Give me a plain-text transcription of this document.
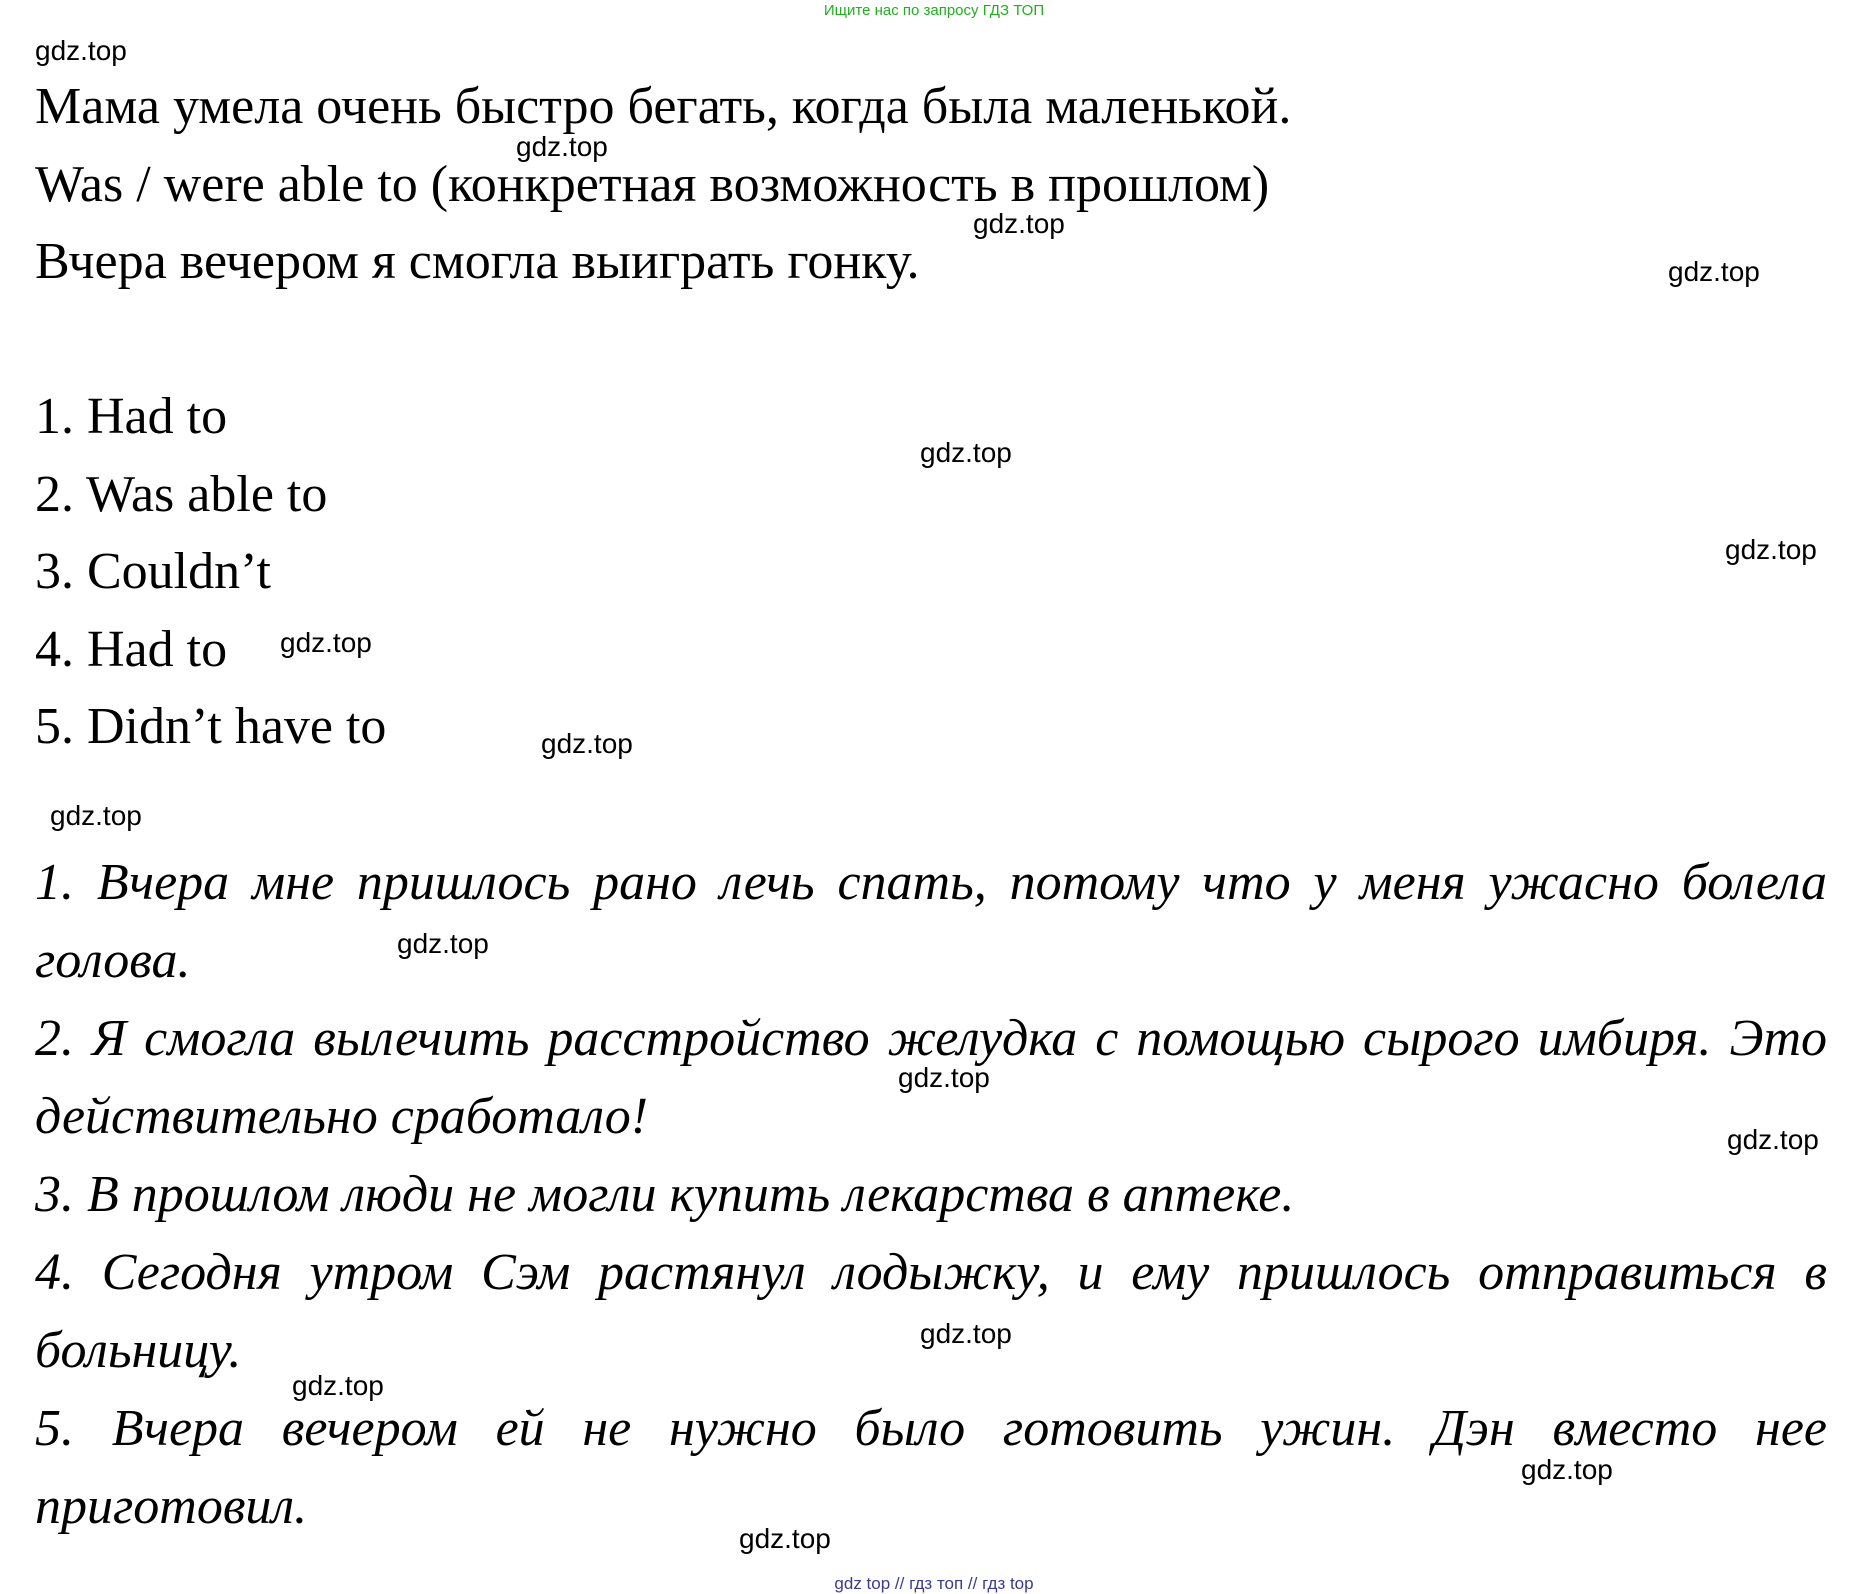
Ищите нас по запросу ГДЗ ТОП
Мама умела очень быстро бегать, когда была маленькой.
Was / were able to (конкретная возможность в прошлом)
Вчера вечером я смогла выиграть гонку.
1. Had to
2. Was able to
3. Couldn’t
4. Had to
5. Didn’t have to
1. Вчера мне пришлось рано лечь спать, потому что у меня ужасно болела голова.
2. Я смогла вылечить расстройство желудка с помощью сырого имбиря. Это действительно сработало!
3. В прошлом люди не могли купить лекарства в аптеке.
4. Сегодня утром Сэм растянул лодыжку, и ему пришлось отправиться в больницу.
5. Вчера вечером ей не нужно было готовить ужин. Дэн вместо нее приготовил.
gdz.top
gdz.top
gdz.top
gdz.top
gdz.top
gdz.top
gdz.top
gdz.top
gdz.top
gdz.top
gdz.top
gdz.top
gdz.top
gdz.top
gdz.top
gdz.top
gdz top // гдз топ // гдз top
